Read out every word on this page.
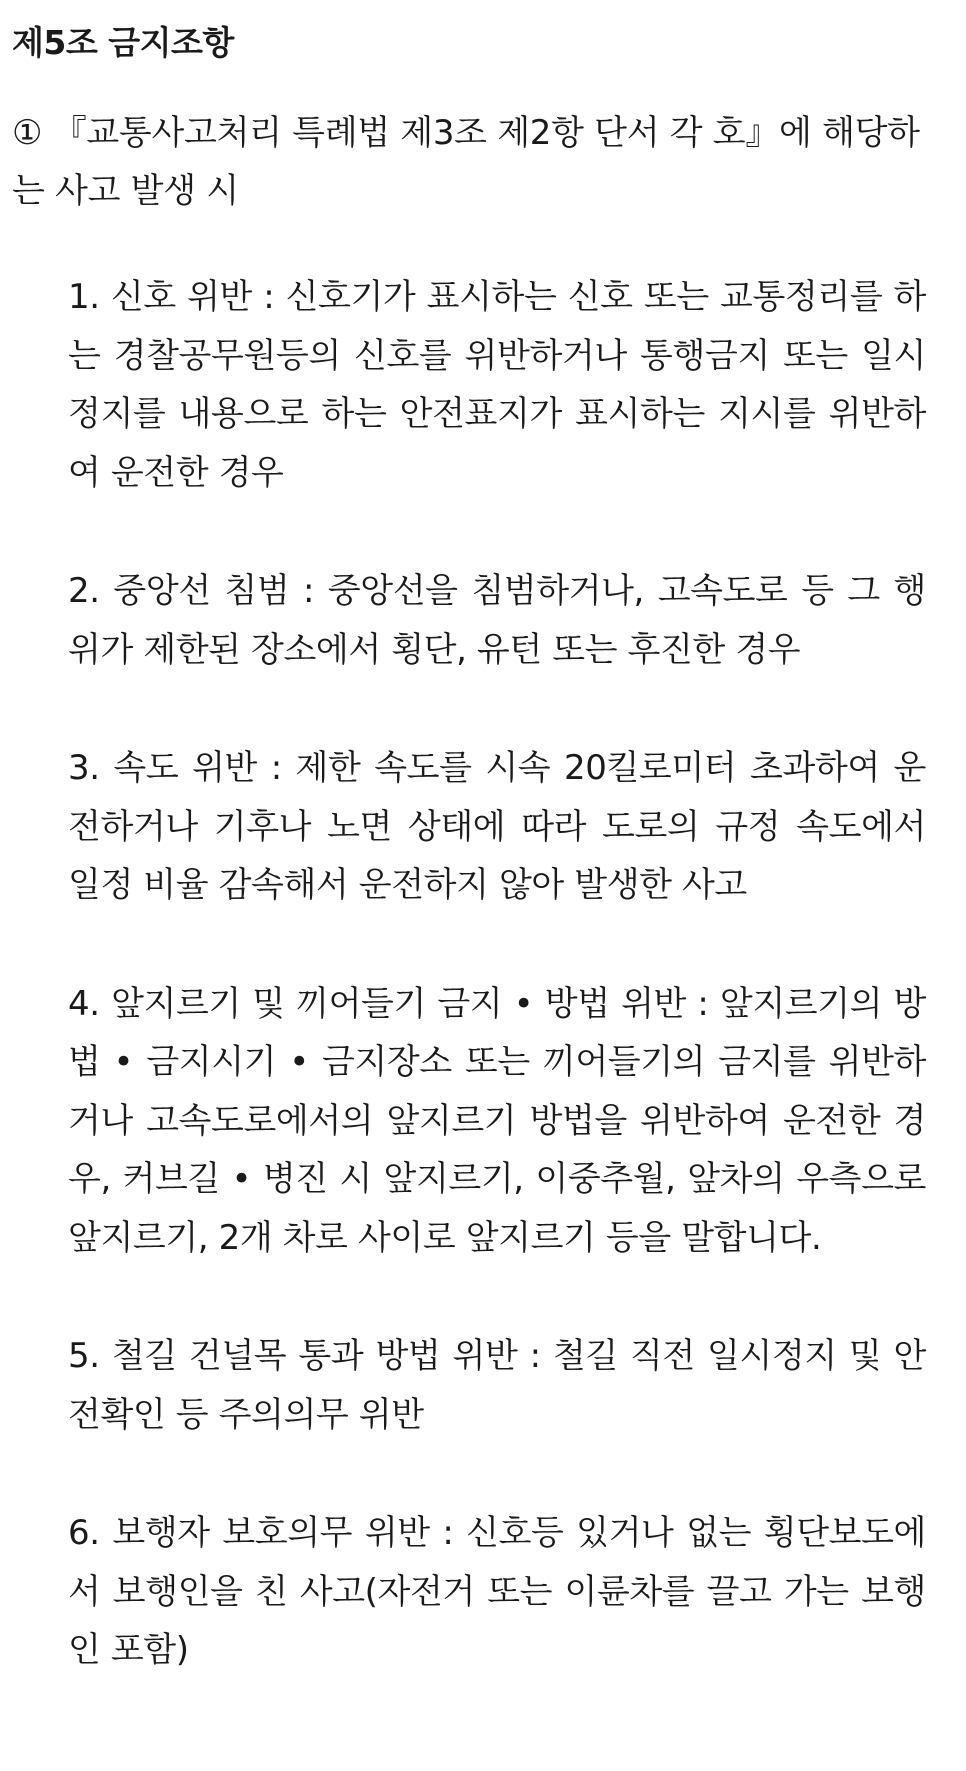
제5조 금지조항
① 『교통사고처리 특례법 제3조 제2항 단서 각 호』에 해당하는 사고 발생 시
1. 신호 위반 : 신호기가 표시하는 신호 또는 교통정리를 하는 경찰공무원등의 신호를 위반하거나 통행금지 또는 일시정지를 내용으로 하는 안전표지가 표시하는 지시를 위반하여 운전한 경우
2. 중앙선 침범 : 중앙선을 침범하거나, 고속도로 등 그 행위가 제한된 장소에서 횡단, 유턴 또는 후진한 경우
3. 속도 위반 : 제한 속도를 시속 20킬로미터 초과하여 운전하거나 기후나 노면 상태에 따라 도로의 규정 속도에서 일정 비율 감속해서 운전하지 않아 발생한 사고
4. 앞지르기 및 끼어들기 금지 • 방법 위반 : 앞지르기의 방법 • 금지시기 • 금지장소 또는 끼어들기의 금지를 위반하거나 고속도로에서의 앞지르기 방법을 위반하여 운전한 경우, 커브길 • 병진 시 앞지르기, 이중추월, 앞차의 우측으로 앞지르기, 2개 차로 사이로 앞지르기 등을 말합니다.
5. 철길 건널목 통과 방법 위반 : 철길 직전 일시정지 및 안전확인 등 주의의무 위반
6. 보행자 보호의무 위반 : 신호등 있거나 없는 횡단보도에서 보행인을 친 사고(자전거 또는 이륜차를 끌고 가는 보행인 포함)
